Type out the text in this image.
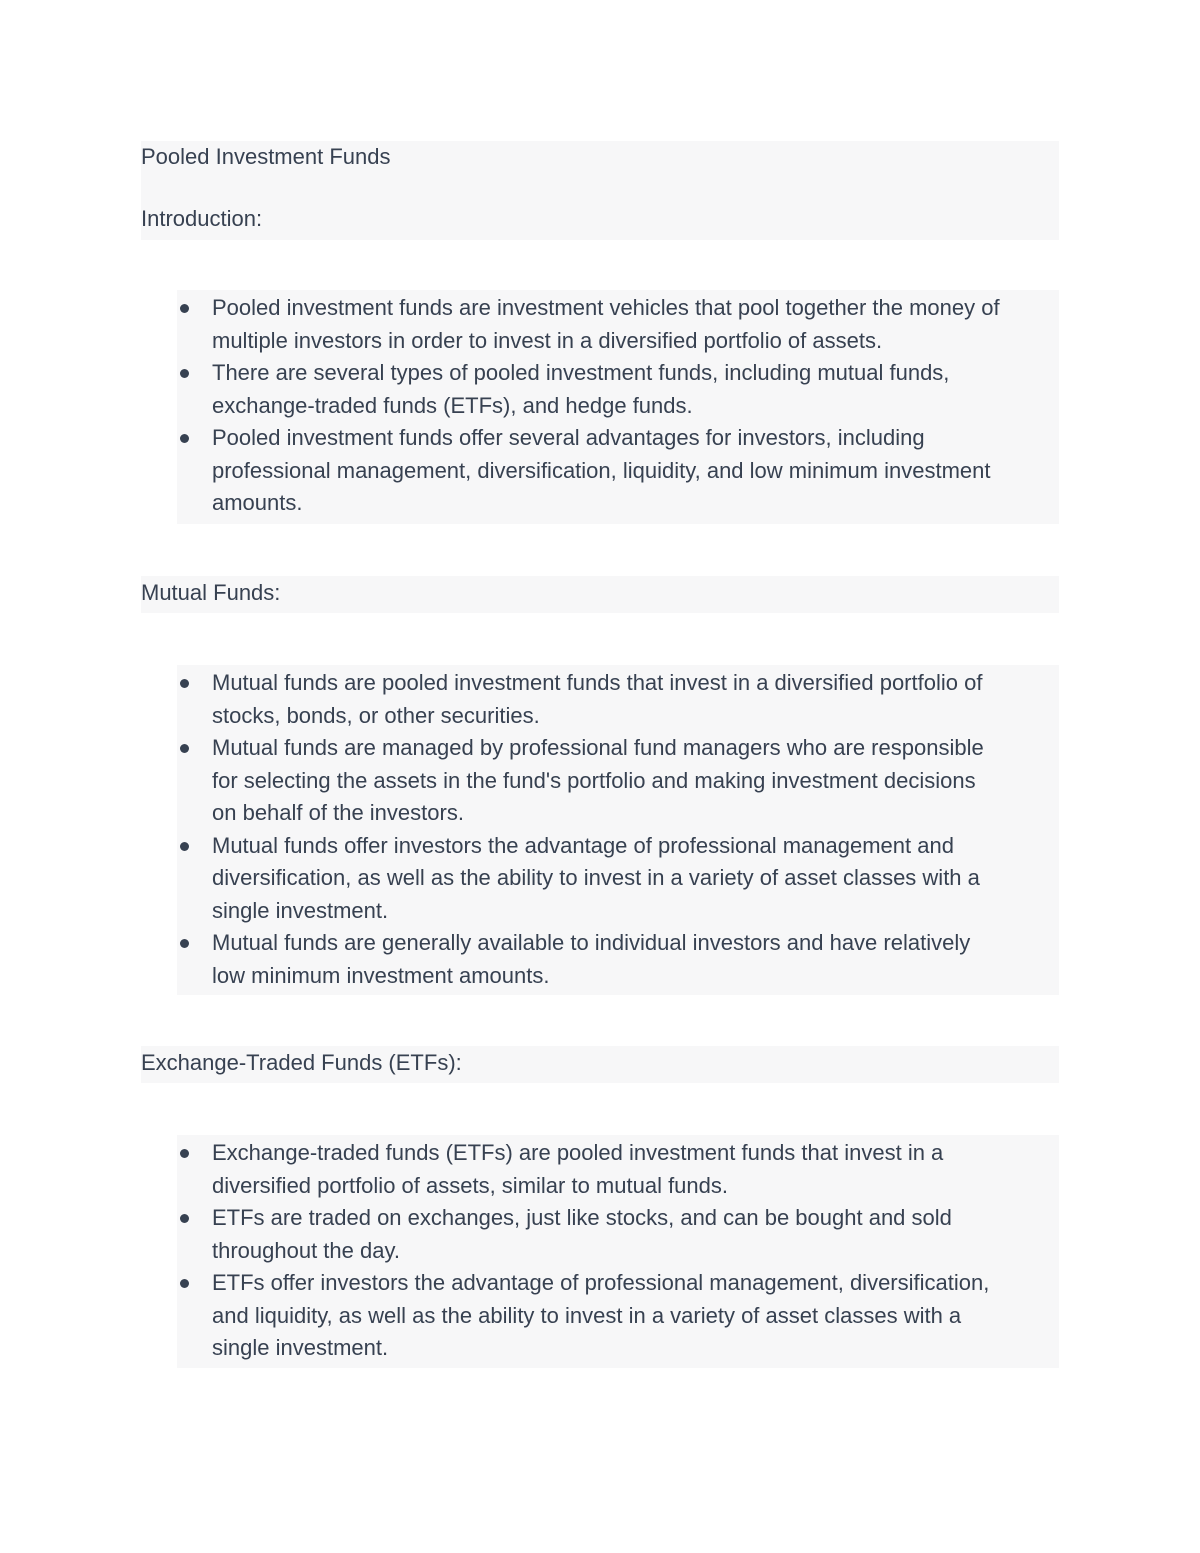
Pooled Investment Funds
Introduction:
Pooled investment funds are investment vehicles that pool together the money of
multiple investors in order to invest in a diversified portfolio of assets.
There are several types of pooled investment funds, including mutual funds,
exchange-traded funds (ETFs), and hedge funds.
Pooled investment funds offer several advantages for investors, including
professional management, diversification, liquidity, and low minimum investment
amounts.
Mutual Funds:
Mutual funds are pooled investment funds that invest in a diversified portfolio of
stocks, bonds, or other securities.
Mutual funds are managed by professional fund managers who are responsible
for selecting the assets in the fund's portfolio and making investment decisions
on behalf of the investors.
Mutual funds offer investors the advantage of professional management and
diversification, as well as the ability to invest in a variety of asset classes with a
single investment.
Mutual funds are generally available to individual investors and have relatively
low minimum investment amounts.
Exchange-Traded Funds (ETFs):
Exchange-traded funds (ETFs) are pooled investment funds that invest in a
diversified portfolio of assets, similar to mutual funds.
ETFs are traded on exchanges, just like stocks, and can be bought and sold
throughout the day.
ETFs offer investors the advantage of professional management, diversification,
and liquidity, as well as the ability to invest in a variety of asset classes with a
single investment.
